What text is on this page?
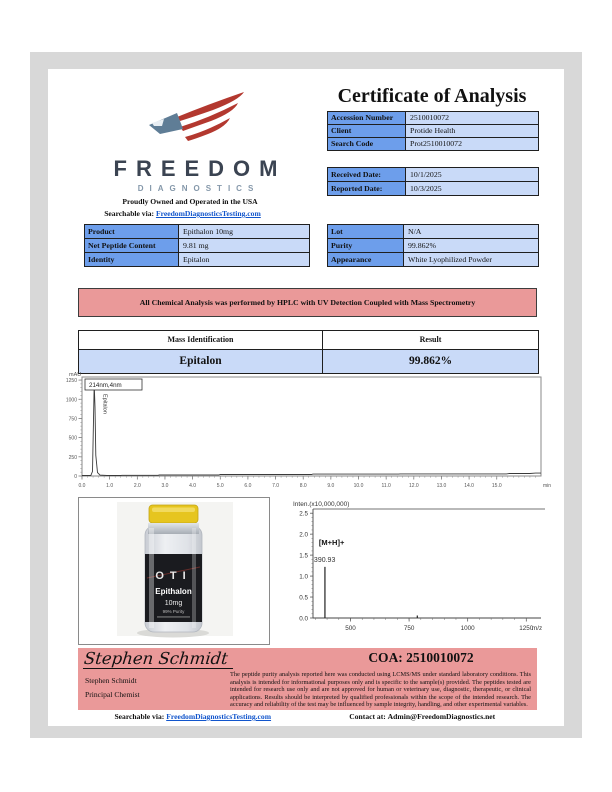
FREEDOM
DIAGNOSTICS
Proudly Owned and Operated in the USA
Searchable via: FreedomDiagnosticsTesting.com
Certificate of Analysis
Accession Number	2510010072
Client	Protide Health
Search Code	Prot2510010072
Received Date:	10/1/2025
Reported Date:	10/3/2025
Product	Epithalon 10mg
Net Peptide Content	9.81 mg
Identity	Epitalon
Lot	N/A
Purity	99.862%
Appearance	White Lyophilized Powder
All Chemical Analysis was performed by HPLC with UV Detection Coupled with Mass Spectrometry
Mass Identification	Result
Epitalon	99.862%
mAU
0
250
500
750
1000
1250
0.0	1.0	2.0	3.0	4.0	5.0	6.0	7.0	8.0	9.0	10.0	11.0	12.0	13.0	14.0	15.0	min
214nm,4nm
Epitalon
OTI
Epithalon
10mg
99% Purity
Inten.(x10,000,000)
0.0
0.5
1.0
1.5
2.0
2.5
500	750	1000	1250
m/z
390.93
[M+H]+
Stephen Schmidt
Stephen Schmidt
Principal Chemist
COA: 2510010072
The peptide purity analysis reported here was conducted using LCMS/MS under standard laboratory conditions. This analysis is intended for informational purposes only and is specific to the sample(s) provided. The peptides tested are intended for research use only and are not approved for human or veterinary use, diagnostic, therapeutic, or clinical applications. Results should be interpreted by qualified professionals within the scope of the intended research. The accuracy and reliability of the test may be influenced by sample integrity, handling, and other experimental variables.
Searchable via: FreedomDiagnosticsTesting.com	Contact at: Admin@FreedomDiagnostics.net
